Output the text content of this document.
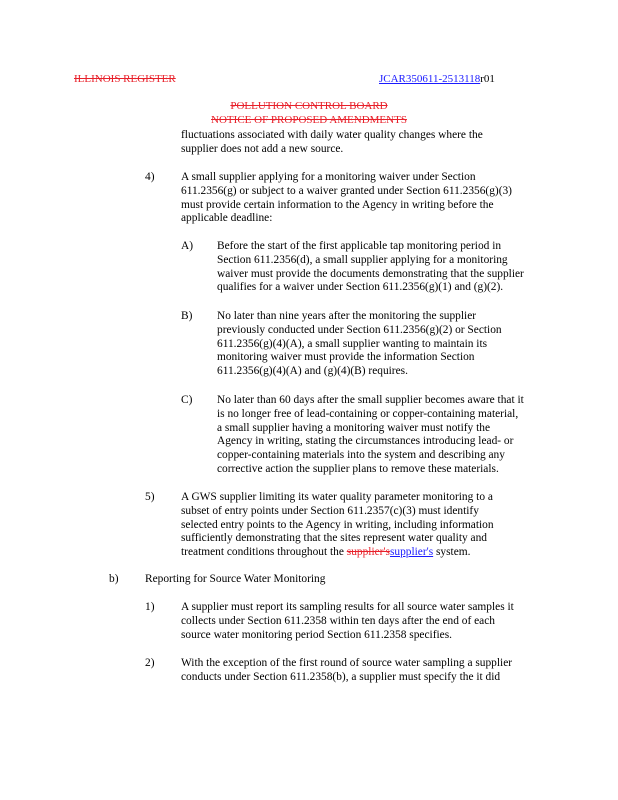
ILLINOIS REGISTER	JCAR350611-2513118r01
POLLUTION CONTROL BOARD
NOTICE OF PROPOSED AMENDMENTS
fluctuations associated with daily water quality changes where the
supplier does not add a new source.
4) A small supplier applying for a monitoring waiver under Section
611.2356(g) or subject to a waiver granted under Section 611.2356(g)(3)
must provide certain information to the Agency in writing before the
applicable deadline:
A) Before the start of the first applicable tap monitoring period in
Section 611.2356(d), a small supplier applying for a monitoring
waiver must provide the documents demonstrating that the supplier
qualifies for a waiver under Section 611.2356(g)(1) and (g)(2).
B) No later than nine years after the monitoring the supplier
previously conducted under Section 611.2356(g)(2) or Section
611.2356(g)(4)(A), a small supplier wanting to maintain its
monitoring waiver must provide the information Section
611.2356(g)(4)(A) and (g)(4)(B) requires.
C) No later than 60 days after the small supplier becomes aware that it
is no longer free of lead-containing or copper-containing material,
a small supplier having a monitoring waiver must notify the
Agency in writing, stating the circumstances introducing lead- or
copper-containing materials into the system and describing any
corrective action the supplier plans to remove these materials.
5) A GWS supplier limiting its water quality parameter monitoring to a
subset of entry points under Section 611.2357(c)(3) must identify
selected entry points to the Agency in writing, including information
sufficiently demonstrating that the sites represent water quality and
treatment conditions throughout the supplier'ssupplier's system.
b) Reporting for Source Water Monitoring
1) A supplier must report its sampling results for all source water samples it
collects under Section 611.2358 within ten days after the end of each
source water monitoring period Section 611.2358 specifies.
2) With the exception of the first round of source water sampling a supplier
conducts under Section 611.2358(b), a supplier must specify the it did
